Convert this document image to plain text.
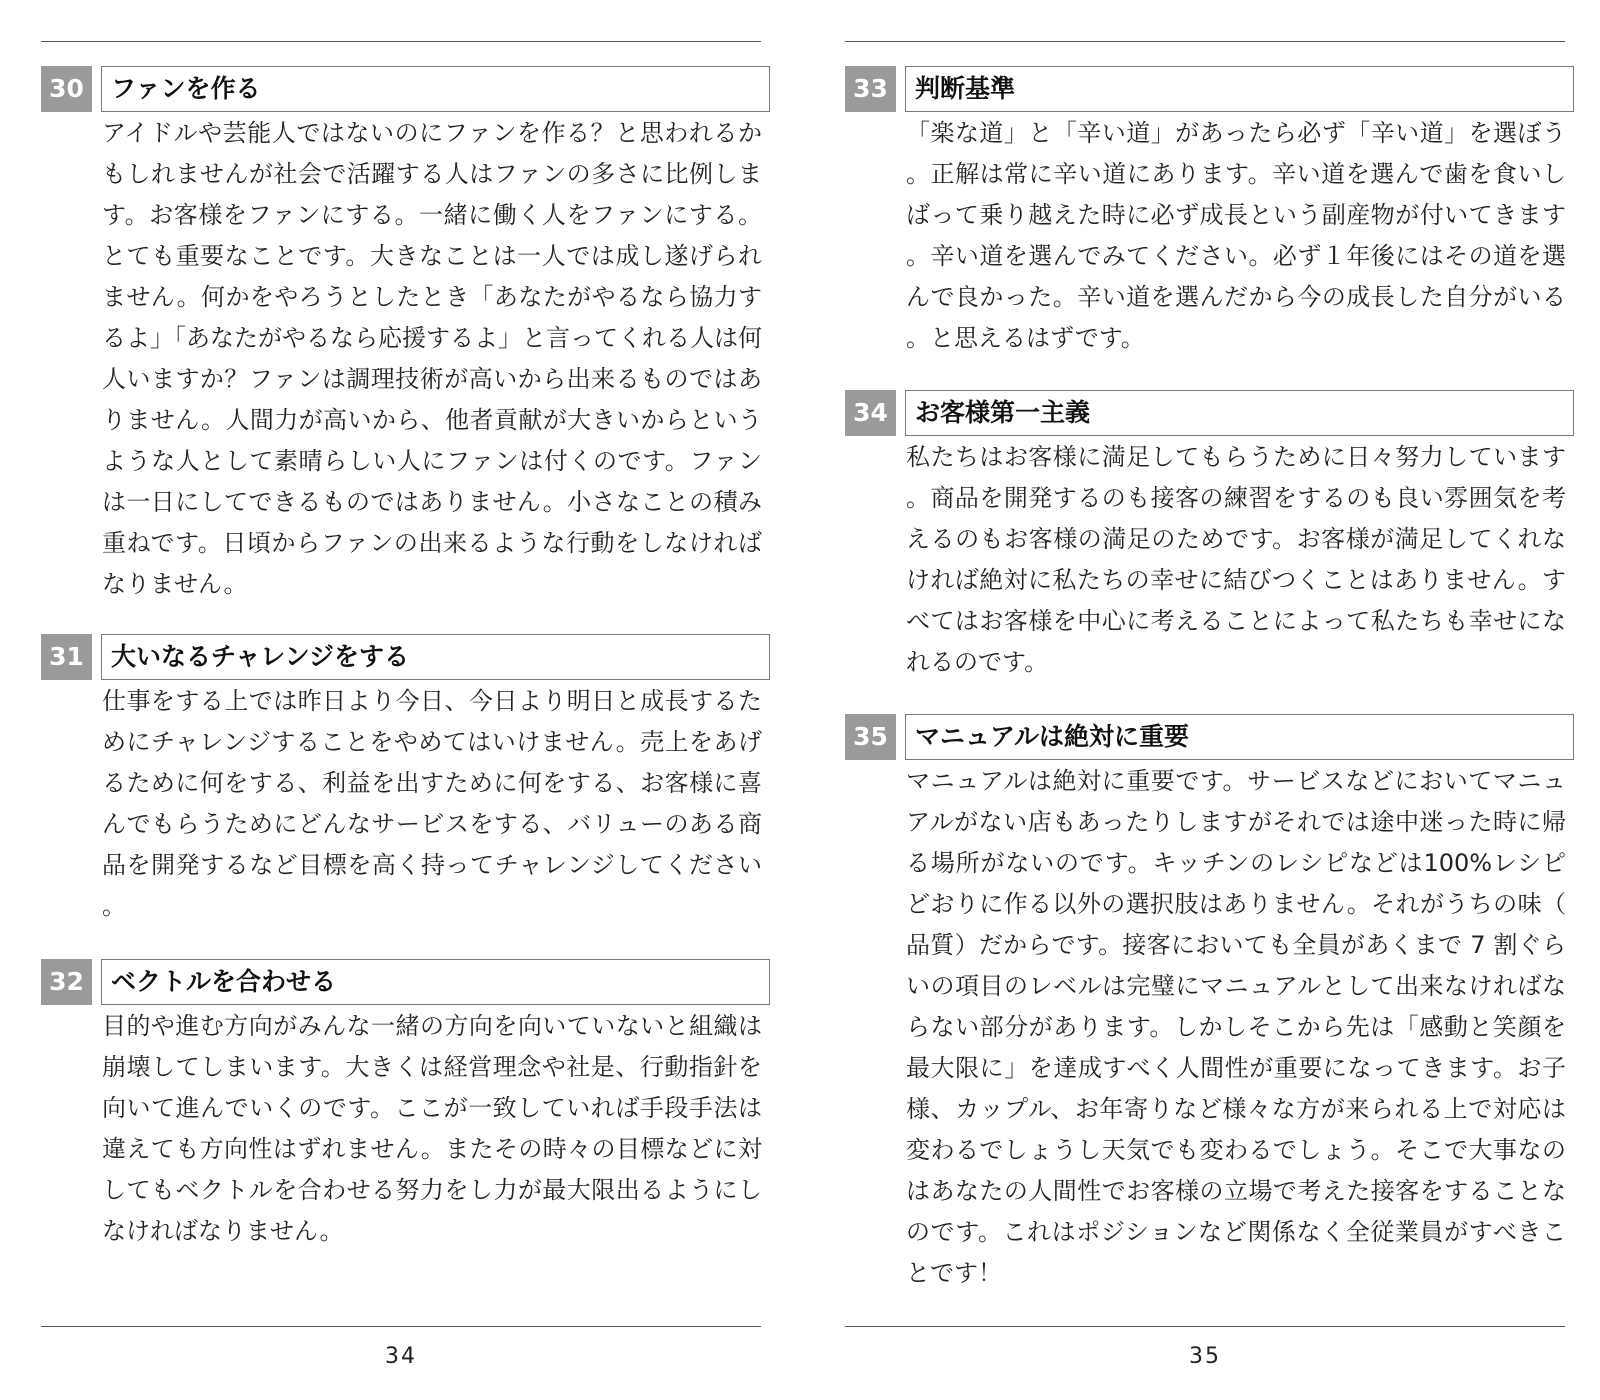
30	ファンを作る

アイドルや芸能人ではないのにファンを作る？と思われるかもしれませんが社会で活躍する人はファンの多さに比例します。お客様をファンにする。一緒に働く人をファンにする。とても重要なことです。大きなことは一人では成し遂げられません。何かをやろうとしたとき「あなたがやるなら協力するよ」「あなたがやるなら応援するよ」と言ってくれる人は何人いますか？ファンは調理技術が高いから出来るものではありません。人間力が高いから、他者貢献が大きいからというような人として素晴らしい人にファンは付くのです。ファンは一日にしてできるものではありません。小さなことの積み重ねです。日頃からファンの出来るような行動をしなければなりません。

31	大いなるチャレンジをする

仕事をする上では昨日より今日、今日より明日と成長するためにチャレンジすることをやめてはいけません。売上をあげるために何をする、利益を出すために何をする、お客様に喜んでもらうためにどんなサービスをする、バリューのある商品を開発するなど目標を高く持ってチャレンジしてください。

32	ベクトルを合わせる

目的や進む方向がみんな一緒の方向を向いていないと組織は崩壊してしまいます。大きくは経営理念や社是、行動指針を向いて進んでいくのです。ここが一致していれば手段手法は違えても方向性はずれません。またその時々の目標などに対してもベクトルを合わせる努力をし力が最大限出るようにしなければなりません。

34
33	判断基準

「楽な道」と「辛い道」があったら必ず「辛い道」を選ぼう。正解は常に辛い道にあります。辛い道を選んで歯を食いしばって乗り越えた時に必ず成長という副産物が付いてきます。辛い道を選んでみてください。必ず１年後にはその道を選んで良かった。辛い道を選んだから今の成長した自分がいる。と思えるはずです。

34	お客様第一主義

私たちはお客様に満足してもらうために日々努力しています。商品を開発するのも接客の練習をするのも良い雰囲気を考えるのもお客様の満足のためです。お客様が満足してくれなければ絶対に私たちの幸せに結びつくことはありません。すべてはお客様を中心に考えることによって私たちも幸せになれるのです。

35	マニュアルは絶対に重要

マニュアルは絶対に重要です。サービスなどにおいてマニュアルがない店もあったりしますがそれでは途中迷った時に帰る場所がないのです。キッチンのレシピなどは100%レシピどおりに作る以外の選択肢はありません。それがうちの味（品質）だからです。接客においても全員があくまで 7 割ぐらいの項目のレベルは完璧にマニュアルとして出来なければならない部分があります。しかしそこから先は「感動と笑顔を最大限に」を達成すべく人間性が重要になってきます。お子様、カップル、お年寄りなど様々な方が来られる上で対応は変わるでしょうし天気でも変わるでしょう。そこで大事なのはあなたの人間性でお客様の立場で考えた接客をすることなのです。これはポジションなど関係なく全従業員がすべきことです！

35
